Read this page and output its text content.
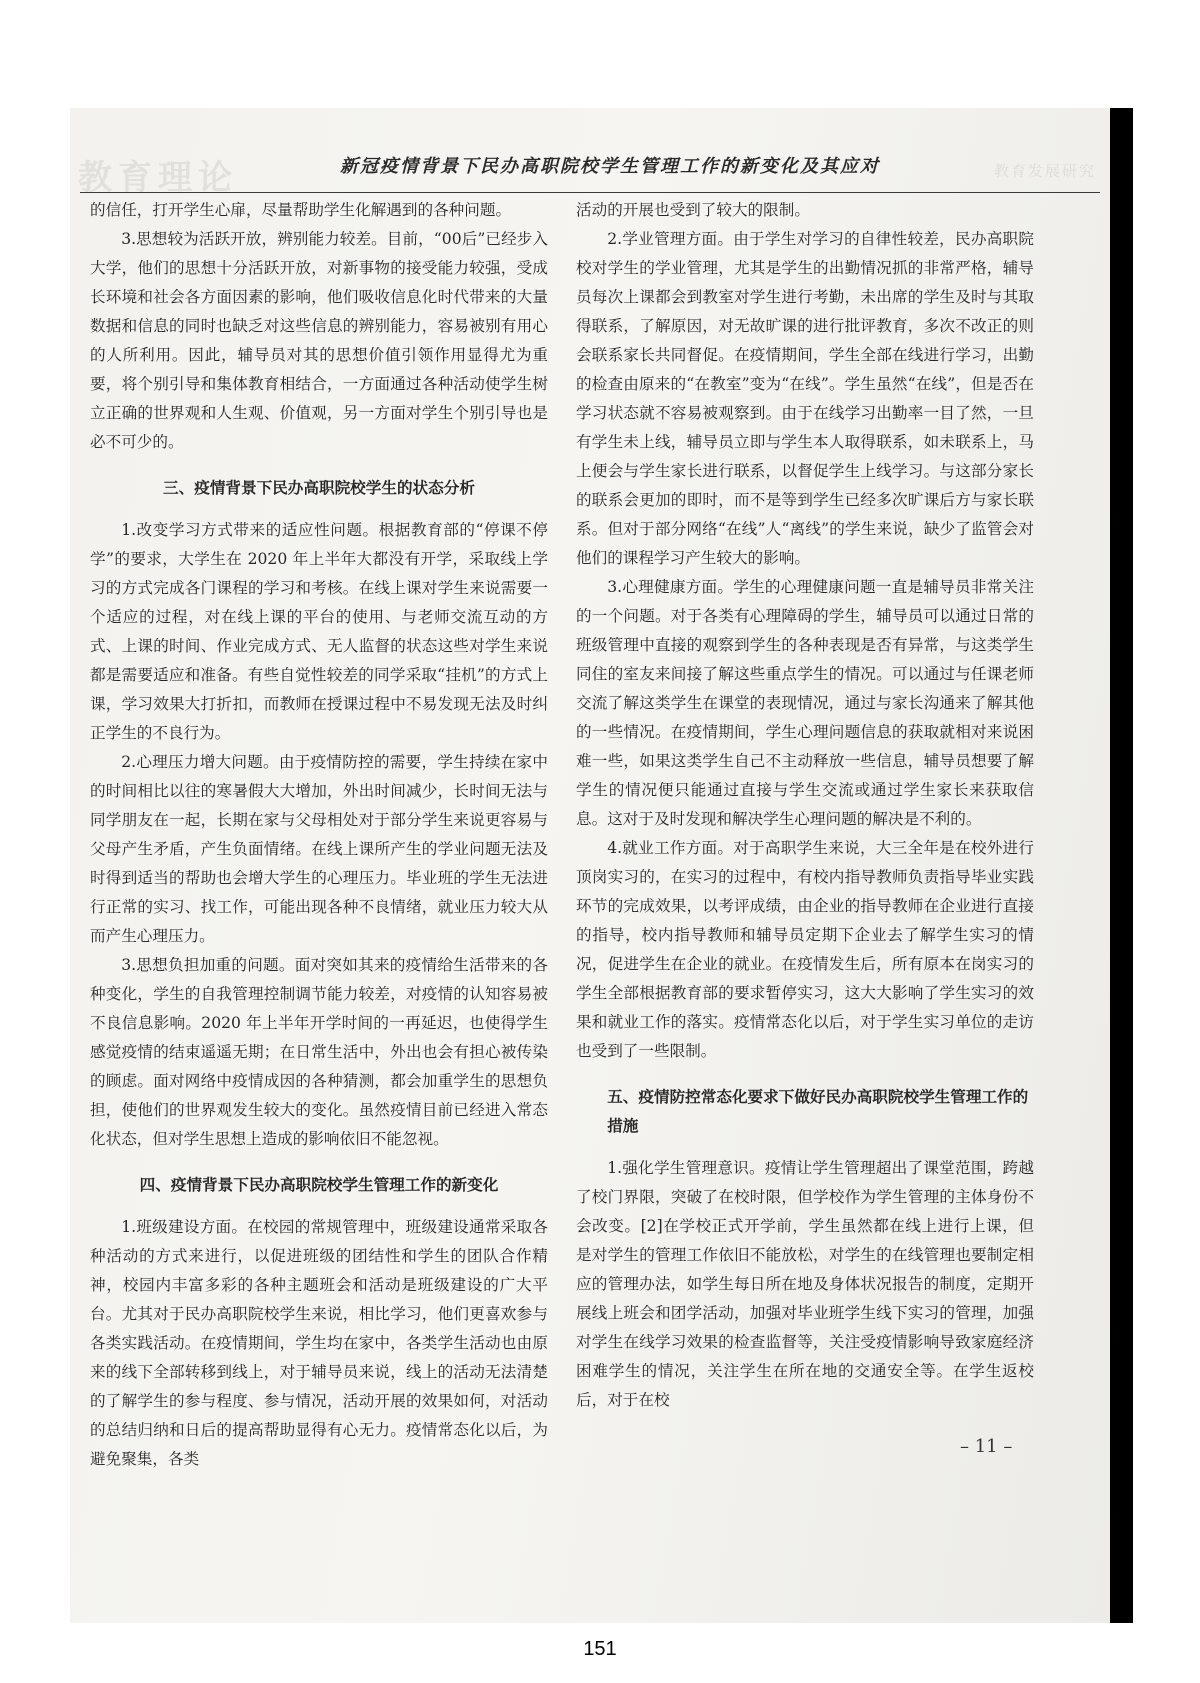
教育理论	教育发展研究
新冠疫情背景下民办高职院校学生管理工作的新变化及其应对

的信任，打开学生心扉，尽量帮助学生化解遇到的各种问题。

3.思想较为活跃开放，辨别能力较差。目前，“00后”已经步入大学，他们的思想十分活跃开放，对新事物的接受能力较强，受成长环境和社会各方面因素的影响，他们吸收信息化时代带来的大量数据和信息的同时也缺乏对这些信息的辨别能力，容易被别有用心的人所利用。因此，辅导员对其的思想价值引领作用显得尤为重要，将个别引导和集体教育相结合，一方面通过各种活动使学生树立正确的世界观和人生观、价值观，另一方面对学生个别引导也是必不可少的。

三、疫情背景下民办高职院校学生的状态分析

1.改变学习方式带来的适应性问题。根据教育部的“停课不停学”的要求，大学生在 2020 年上半年大都没有开学，采取线上学习的方式完成各门课程的学习和考核。在线上课对学生来说需要一个适应的过程，对在线上课的平台的使用、与老师交流互动的方式、上课的时间、作业完成方式、无人监督的状态这些对学生来说都是需要适应和准备。有些自觉性较差的同学采取“挂机”的方式上课，学习效果大打折扣，而教师在授课过程中不易发现无法及时纠正学生的不良行为。

2.心理压力增大问题。由于疫情防控的需要，学生持续在家中的时间相比以往的寒暑假大大增加，外出时间减少，长时间无法与同学朋友在一起，长期在家与父母相处对于部分学生来说更容易与父母产生矛盾，产生负面情绪。在线上课所产生的学业问题无法及时得到适当的帮助也会增大学生的心理压力。毕业班的学生无法进行正常的实习、找工作，可能出现各种不良情绪，就业压力较大从而产生心理压力。

3.思想负担加重的问题。面对突如其来的疫情给生活带来的各种变化，学生的自我管理控制调节能力较差，对疫情的认知容易被不良信息影响。2020 年上半年开学时间的一再延迟，也使得学生感觉疫情的结束遥遥无期；在日常生活中，外出也会有担心被传染的顾虑。面对网络中疫情成因的各种猜测，都会加重学生的思想负担，使他们的世界观发生较大的变化。虽然疫情目前已经进入常态化状态，但对学生思想上造成的影响依旧不能忽视。

四、疫情背景下民办高职院校学生管理工作的新变化

1.班级建设方面。在校园的常规管理中，班级建设通常采取各种活动的方式来进行，以促进班级的团结性和学生的团队合作精神，校园内丰富多彩的各种主题班会和活动是班级建设的广大平台。尤其对于民办高职院校学生来说，相比学习，他们更喜欢参与各类实践活动。在疫情期间，学生均在家中，各类学生活动也由原来的线下全部转移到线上，对于辅导员来说，线上的活动无法清楚的了解学生的参与程度、参与情况，活动开展的效果如何，对活动的总结归纳和日后的提高帮助显得有心无力。疫情常态化以后，为避免聚集，各类

活动的开展也受到了较大的限制。

2.学业管理方面。由于学生对学习的自律性较差，民办高职院校对学生的学业管理，尤其是学生的出勤情况抓的非常严格，辅导员每次上课都会到教室对学生进行考勤，未出席的学生及时与其取得联系，了解原因，对无故旷课的进行批评教育，多次不改正的则会联系家长共同督促。在疫情期间，学生全部在线进行学习，出勤的检查由原来的“在教室”变为“在线”。学生虽然“在线”，但是否在学习状态就不容易被观察到。由于在线学习出勤率一目了然，一旦有学生未上线，辅导员立即与学生本人取得联系，如未联系上，马上便会与学生家长进行联系，以督促学生上线学习。与这部分家长的联系会更加的即时，而不是等到学生已经多次旷课后方与家长联系。但对于部分网络“在线”人“离线”的学生来说，缺少了监管会对他们的课程学习产生较大的影响。

3.心理健康方面。学生的心理健康问题一直是辅导员非常关注的一个问题。对于各类有心理障碍的学生，辅导员可以通过日常的班级管理中直接的观察到学生的各种表现是否有异常，与这类学生同住的室友来间接了解这些重点学生的情况。可以通过与任课老师交流了解这类学生在课堂的表现情况，通过与家长沟通来了解其他的一些情况。在疫情期间，学生心理问题信息的获取就相对来说困难一些，如果这类学生自己不主动释放一些信息，辅导员想要了解学生的情况便只能通过直接与学生交流或通过学生家长来获取信息。这对于及时发现和解决学生心理问题的解决是不利的。

4.就业工作方面。对于高职学生来说，大三全年是在校外进行顶岗实习的，在实习的过程中，有校内指导教师负责指导毕业实践环节的完成效果，以考评成绩，由企业的指导教师在企业进行直接的指导，校内指导教师和辅导员定期下企业去了解学生实习的情况，促进学生在企业的就业。在疫情发生后，所有原本在岗实习的学生全部根据教育部的要求暂停实习，这大大影响了学生实习的效果和就业工作的落实。疫情常态化以后，对于学生实习单位的走访也受到了一些限制。

五、疫情防控常态化要求下做好民办高职院校学生管理工作的措施

1.强化学生管理意识。疫情让学生管理超出了课堂范围，跨越了校门界限，突破了在校时限，但学校作为学生管理的主体身份不会改变。[2]在学校正式开学前，学生虽然都在线上进行上课，但是对学生的管理工作依旧不能放松，对学生的在线管理也要制定相应的管理办法，如学生每日所在地及身体状况报告的制度，定期开展线上班会和团学活动，加强对毕业班学生线下实习的管理，加强对学生在线学习效果的检查监督等，关注受疫情影响导致家庭经济困难学生的情况，关注学生在所在地的交通安全等。在学生返校后，对于在校

– 11 –
151
